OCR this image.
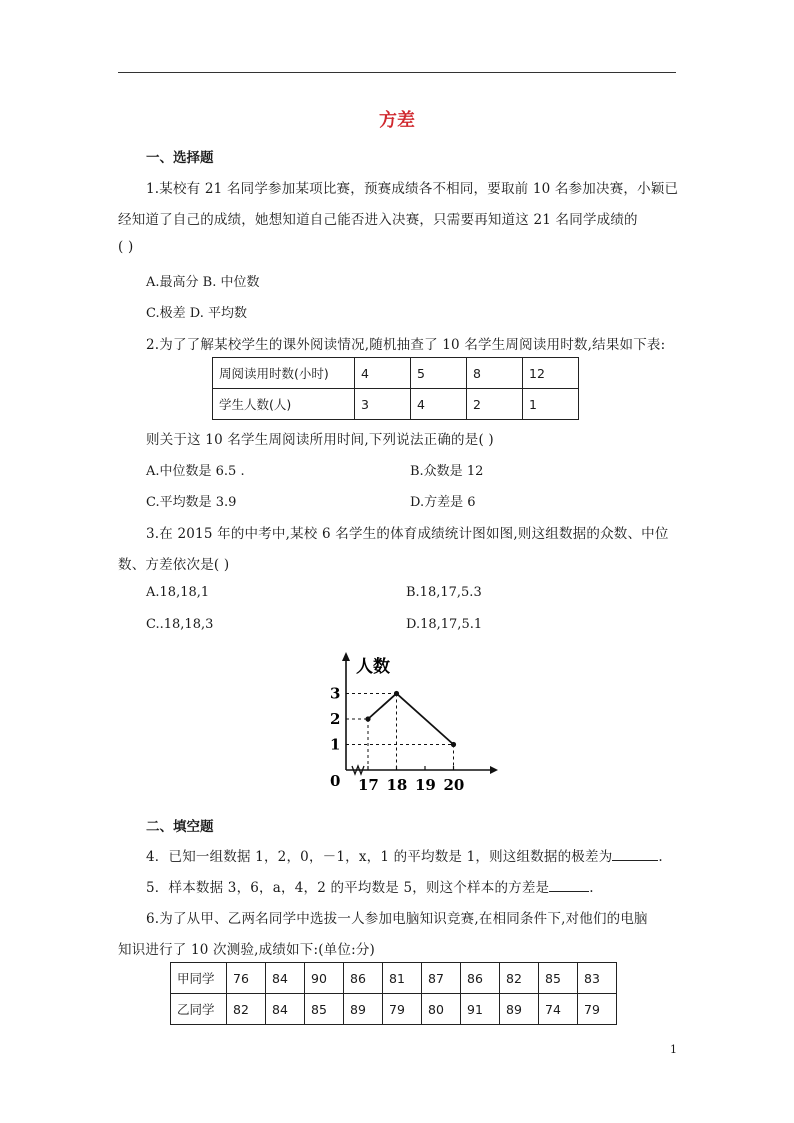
方差
一、选择题
1.某校有 21 名同学参加某项比赛，预赛成绩各不相同，要取前 10 名参加决赛，小颖已
经知道了自己的成绩，她想知道自己能否进入决赛，只需要再知道这 21 名同学成绩的
( )
A.最高分 B. 中位数
C.极差 D. 平均数
2.为了了解某校学生的课外阅读情况,随机抽查了 10 名学生周阅读用时数,结果如下表:
周阅读用时数(小时)	4	5	8	12
学生人数(人)	3	4	2	1
则关于这 10 名学生周阅读所用时间,下列说法正确的是( )
A.中位数是 6.5 .	B.众数是 12
C.平均数是 3.9	D.方差是 6
3.在 2015 年的中考中,某校 6 名学生的体育成绩统计图如图,则这组数据的众数、中位
数、方差依次是( )
A.18,18,1	B.18,17,5.3
C..18,18,3	D.18,17,5.1
人数
0
1
2
3
17 18 19 20
二、填空题
4．已知一组数据 1，2，0，－1，x，1 的平均数是 1，则这组数据的极差为	.
5．样本数据 3，6，a，4，2 的平均数是 5，则这个样本的方差是	.
6.为了从甲、乙两名同学中选拔一人参加电脑知识竞赛,在相同条件下,对他们的电脑
知识进行了 10 次测验,成绩如下:(单位:分)
甲同学	76	84	90	86	81	87	86	82	85	83
乙同学	82	84	85	89	79	80	91	89	74	79
1
